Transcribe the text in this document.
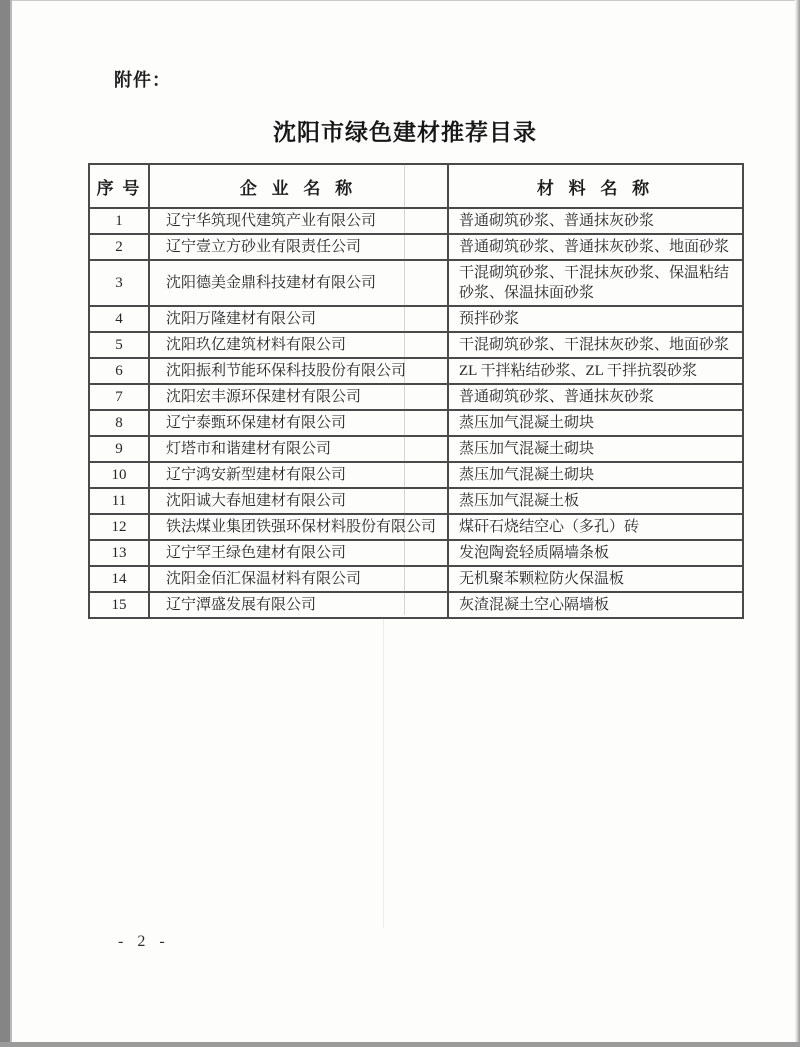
附件：
沈阳市绿色建材推荐目录
序 号	企 业 名 称	材 料 名 称
1	辽宁华筑现代建筑产业有限公司	普通砌筑砂浆、普通抹灰砂浆
2	辽宁壹立方砂业有限责任公司	普通砌筑砂浆、普通抹灰砂浆、地面砂浆
3	沈阳德美金鼎科技建材有限公司	干混砌筑砂浆、干混抹灰砂浆、保温粘结砂浆、保温抹面砂浆
4	沈阳万隆建材有限公司	预拌砂浆
5	沈阳玖亿建筑材料有限公司	干混砌筑砂浆、干混抹灰砂浆、地面砂浆
6	沈阳振利节能环保科技股份有限公司	ZL 干拌粘结砂浆、ZL 干拌抗裂砂浆
7	沈阳宏丰源环保建材有限公司	普通砌筑砂浆、普通抹灰砂浆
8	辽宁泰甄环保建材有限公司	蒸压加气混凝土砌块
9	灯塔市和谐建材有限公司	蒸压加气混凝土砌块
10	辽宁鸿安新型建材有限公司	蒸压加气混凝土砌块
11	沈阳诚大春旭建材有限公司	蒸压加气混凝土板
12	铁法煤业集团铁强环保材料股份有限公司	煤矸石烧结空心（多孔）砖
13	辽宁罕王绿色建材有限公司	发泡陶瓷轻质隔墙条板
14	沈阳金佰汇保温材料有限公司	无机聚苯颗粒防火保温板
15	辽宁潭盛发展有限公司	灰渣混凝土空心隔墙板
- 2 -
